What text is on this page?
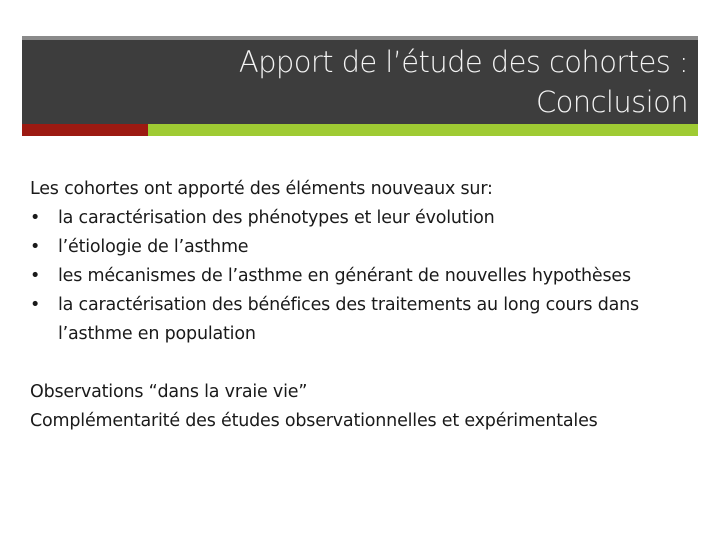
Apport de l’étude des cohortes :
Conclusion

Les cohortes ont apporté des éléments nouveaux sur:

• la caractérisation des phénotypes et leur évolution
• l’étiologie de l’asthme
• les mécanismes de l’asthme en générant de nouvelles hypothèses
• la caractérisation des bénéfices des traitements au long cours dans l’asthme en population

Observations “dans la vraie vie”

Complémentarité des études observationnelles et expérimentales
